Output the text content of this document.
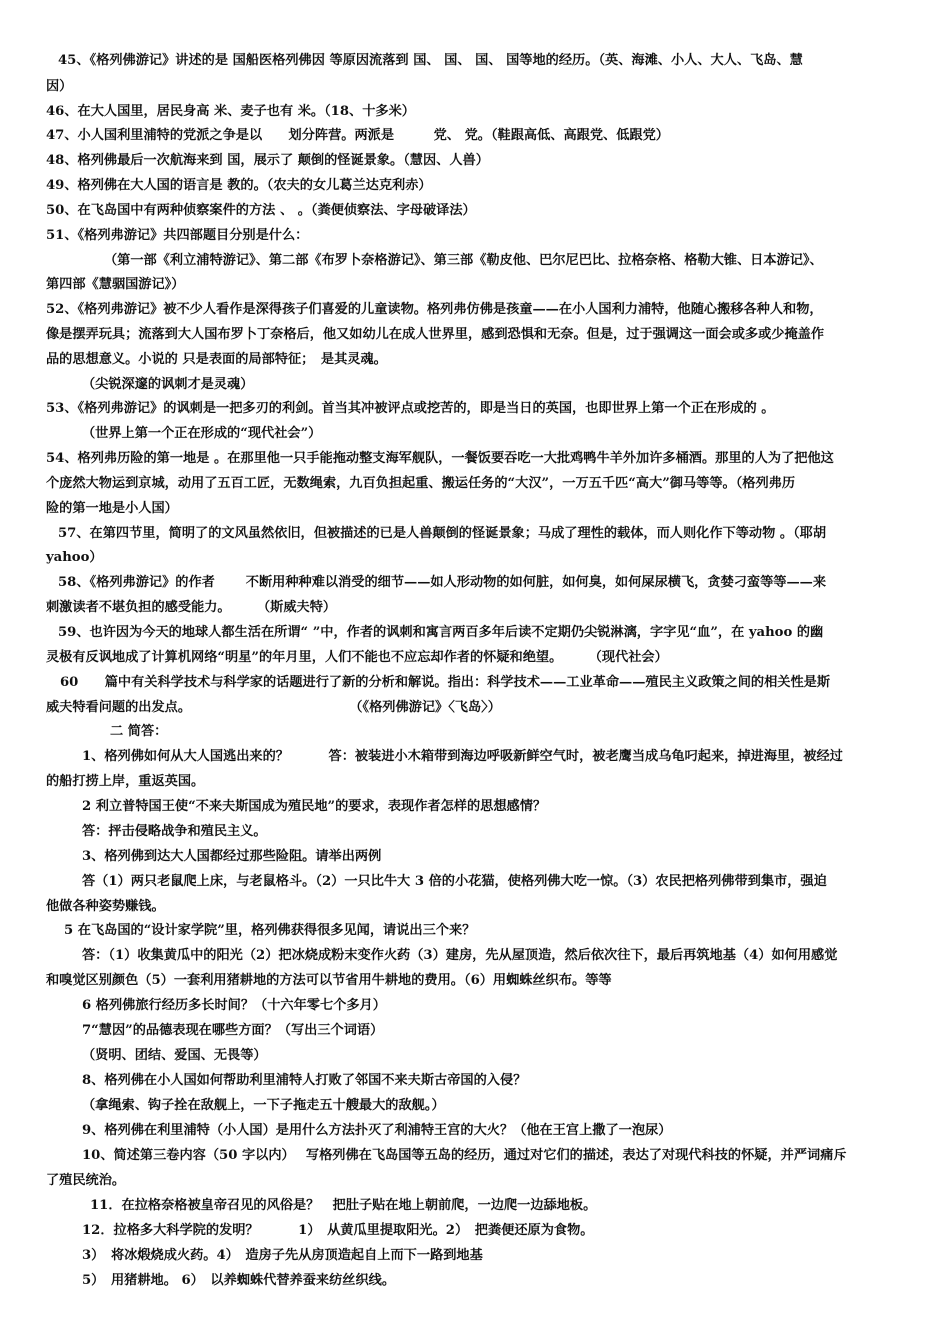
45、《格列佛游记》讲述的是 国船医格列佛因 等原因流落到 国、 国、 国、 国等地的经历。（英、海滩、小人、大人、飞岛、慧
因）
46、在大人国里，居民身高 米、麦子也有 米。（18、十多米）
47、小人国利里浦特的党派之争是以　　划分阵营。两派是　　　党、 党。（鞋跟高低、高跟党、低跟党）
48、格列佛最后一次航海来到 国，展示了 颠倒的怪诞景象。（慧因、人兽）
49、格列佛在大人国的语言是 教的。（农夫的女儿葛兰达克利赤）
50、在飞岛国中有两种侦察案件的方法 、 。（粪便侦察法、字母破译法）
51、《格列弗游记》共四部题目分别是什么：
（第一部《利立浦特游记》、第二部《布罗卜奈格游记》、第三部《勒皮他、巴尔尼巴比、拉格奈格、格勒大锥、日本游记》、
第四部《慧骃国游记》）
52、《格列弗游记》被不少人看作是深得孩子们喜爱的儿童读物。格列弗仿佛是孩童——在小人国利力浦特，他随心搬移各种人和物，
像是摆弄玩具；流落到大人国布罗卜丁奈格后，他又如幼儿在成人世界里，感到恐惧和无奈。但是，过于强调这一面会或多或少掩盖作
品的思想意义。小说的 只是表面的局部特征；　是其灵魂。
（尖锐深邃的讽刺才是灵魂）
53、《格列弗游记》的讽刺是一把多刃的利剑。首当其冲被评点或挖苦的，即是当日的英国，也即世界上第一个正在形成的 。
（世界上第一个正在形成的“现代社会”）
54、格列弗历险的第一地是 。在那里他一只手能拖动整支海军舰队，一餐饭要吞吃一大批鸡鸭牛羊外加许多桶酒。那里的人为了把他这
个庞然大物运到京城，动用了五百工匠，无数绳索，九百负担起重、搬运任务的“大汉”，一万五千匹“高大”御马等等。（格列弗历
险的第一地是小人国）
57、在第四节里，简明了的文风虽然依旧，但被描述的已是人兽颠倒的怪诞景象；马成了理性的载体，而人则化作下等动物 。（耶胡
yahoo）
58、《格列弗游记》的作者　　 不断用种种难以消受的细节——如人形动物的如何脏，如何臭，如何屎尿横飞，贪婪刁蛮等等——来
刺激读者不堪负担的感受能力。　　　（斯威夫特）
59、也许因为今天的地球人都生活在所谓“ ”中，作者的讽刺和寓言两百多年后读不定期仍尖锐淋漓，字字见“血”，在 yahoo 的幽
灵极有反讽地成了计算机网络“明星”的年月里，人们不能也不应忘却作者的怀疑和绝望。　　　（现代社会）
60　　篇中有关科学技术与科学家的话题进行了新的分析和解说。指出：科学技术——工业革命——殖民主义政策之间的相关性是斯
威夫特看问题的出发点。　　　　　　　　　　　　　（《格列佛游记》〈飞岛〉）
二 简答：
1、格列佛如何从大人国逃出来的？　　　答：被装进小木箱带到海边呼吸新鲜空气时，被老鹰当成乌龟叼起来，掉进海里，被经过
的船打捞上岸，重返英国。
2 利立普特国王使“不来夫斯国成为殖民地”的要求，表现作者怎样的思想感情？
答：抨击侵略战争和殖民主义。
3、格列佛到达大人国都经过那些险阻。请举出两例
答（1）两只老鼠爬上床，与老鼠格斗。（2）一只比牛大 3 倍的小花猫，使格列佛大吃一惊。（3）农民把格列佛带到集市，强迫
他做各种姿势赚钱。
5 在飞岛国的“设计家学院”里，格列佛获得很多见闻，请说出三个来？
答：（1）收集黄瓜中的阳光（2）把冰烧成粉末变作火药（3）建房，先从屋顶造，然后依次往下，最后再筑地基（4）如何用感觉
和嗅觉区别颜色（5）一套利用猪耕地的方法可以节省用牛耕地的费用。（6）用蜘蛛丝织布。等等
6 格列佛旅行经历多长时间？（十六年零七个多月）
7“慧因”的品德表现在哪些方面？（写出三个词语）
（贤明、团结、爱国、无畏等）
8、格列佛在小人国如何帮助利里浦特人打败了邻国不来夫斯古帝国的入侵？
（拿绳索、钩子拴在敌舰上，一下子拖走五十艘最大的敌舰。）
9、格列佛在利里浦特（小人国）是用什么方法扑灭了利浦特王宫的大火？（他在王宫上撒了一泡尿）
10、简述第三卷内容（50 字以内）　 写格列佛在飞岛国等五岛的经历，通过对它们的描述，表达了对现代科技的怀疑，并严词痛斥
了殖民统治。
11．在拉格奈格被皇帝召见的风俗是？　把肚子贴在地上朝前爬，一边爬一边舔地板。
12．拉格多大科学院的发明？　　　1）　从黄瓜里提取阳光。2）　把粪便还原为食物。
3）　将冰煅烧成火药。4）　造房子先从房顶造起自上而下一路到地基
5）　用猪耕地。 6）　以养蜘蛛代替养蚕来纺丝织线。
